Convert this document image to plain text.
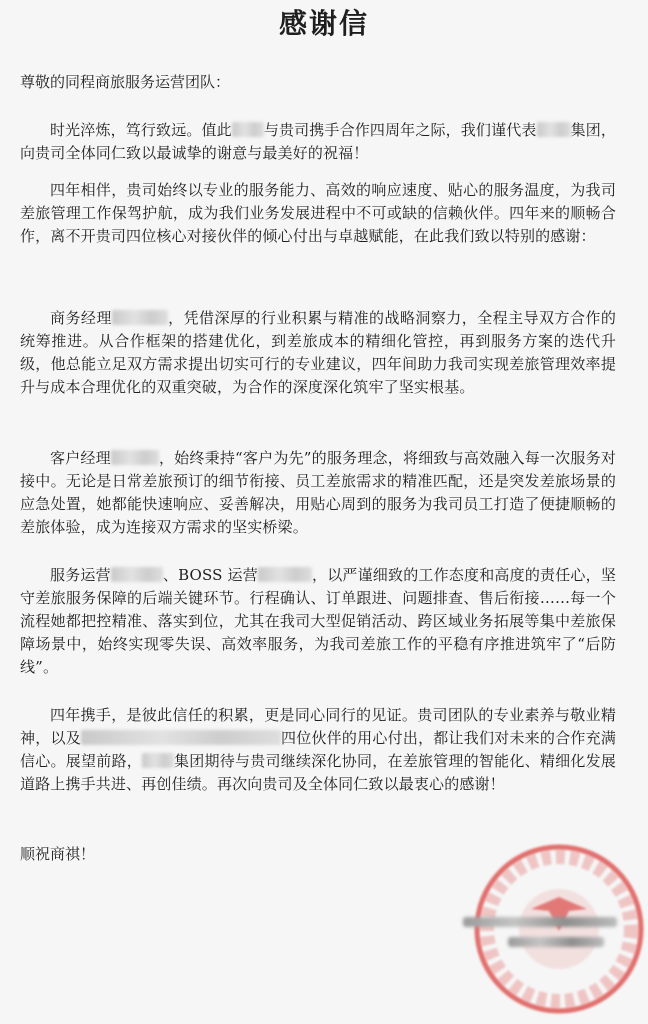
感谢信
尊敬的同程商旅服务运营团队：
时光淬炼，笃行致远。值此 与贵司携手合作四周年之际，我们谨代表 集团，向贵司全体同仁致以最诚挚的谢意与最美好的祝福！
四年相伴，贵司始终以专业的服务能力、高效的响应速度、贴心的服务温度，为我司差旅管理工作保驾护航，成为我们业务发展进程中不可或缺的信赖伙伴。四年来的顺畅合作，离不开贵司四位核心对接伙伴的倾心付出与卓越赋能，在此我们致以特别的感谢：
商务经理	，凭借深厚的行业积累与精准的战略洞察力，全程主导双方合作的统筹推进。从合作框架的搭建优化，到差旅成本的精细化管控，再到服务方案的迭代升级，他总能立足双方需求提出切实可行的专业建议，四年间助力我司实现差旅管理效率提升与成本合理优化的双重突破，为合作的深度深化筑牢了坚实根基。
客户经理	，始终秉持“客户为先”的服务理念，将细致与高效融入每一次服务对接中。无论是日常差旅预订的细节衔接、员工差旅需求的精准匹配，还是突发差旅场景的应急处置，她都能快速响应、妥善解决，用贴心周到的服务为我司员工打造了便捷顺畅的差旅体验，成为连接双方需求的坚实桥梁。
服务运营	、BOSS 运营	，以严谨细致的工作态度和高度的责任心，坚守差旅服务保障的后端关键环节。行程确认、订单跟进、问题排查、售后衔接……每一个流程她都把控精准、落实到位，尤其在我司大型促销活动、跨区域业务拓展等集中差旅保障场景中，始终实现零失误、高效率服务，为我司差旅工作的平稳有序推进筑牢了“后防线”。
四年携手，是彼此信任的积累，更是同心同行的见证。贵司团队的专业素养与敬业精神，以及	四位伙伴的用心付出，都让我们对未来的合作充满信心。展望前路， 集团期待与贵司继续深化协同，在差旅管理的智能化、精细化发展道路上携手共进、再创佳绩。再次向贵司及全体同仁致以最衷心的感谢！
顺祝商祺！
